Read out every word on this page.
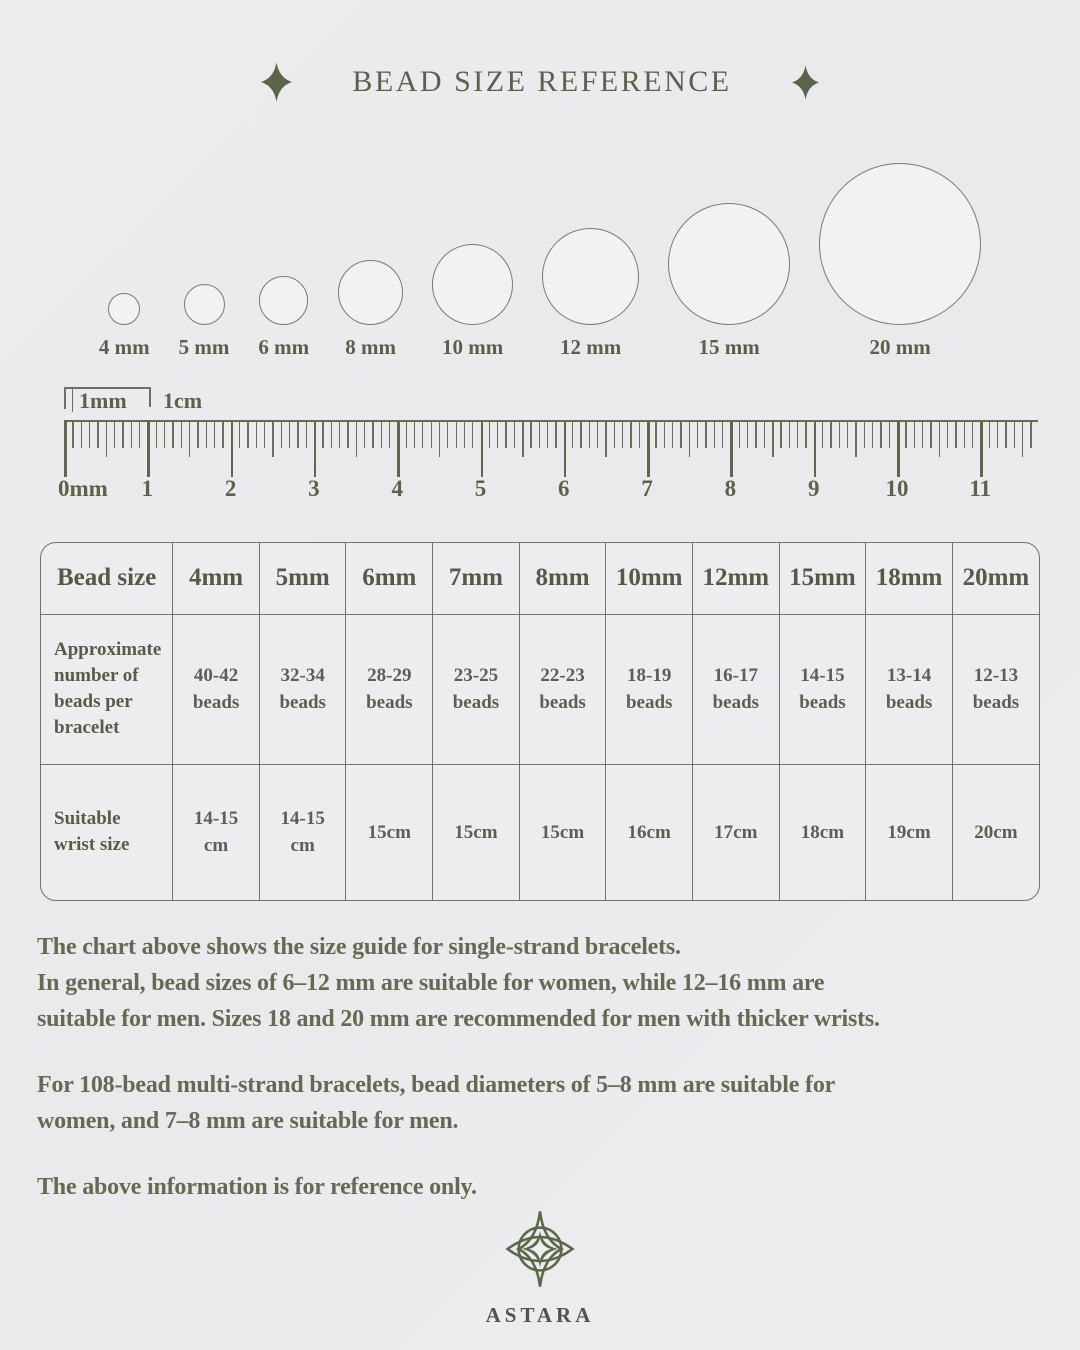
BEAD SIZE REFERENCE
4 mm 5 mm 6 mm 8 mm 10 mm	12 mm	15 mm	20 mm
1mm 1cm
0mm 1	2	3	4	5	6	7	8	9	10	11
Bead size	4mm	5mm	6mm	7mm	8mm	10mm	12mm	15mm	18mm	20mm
Approximate number of beads per bracelet	40-42 beads	32-34 beads	28-29 beads	23-25 beads	22-23 beads	18-19 beads	16-17 beads	14-15 beads	13-14 beads	12-13 beads
Suitable wrist size	14-15 cm	14-15 cm	15cm	15cm	15cm	16cm	17cm	18cm	19cm	20cm
The chart above shows the size guide for single-strand bracelets.
In general, bead sizes of 6–12 mm are suitable for women, while 12–16 mm are
suitable for men. Sizes 18 and 20 mm are recommended for men with thicker wrists.
For 108-bead multi-strand bracelets, bead diameters of 5–8 mm are suitable for
women, and 7–8 mm are suitable for men.
The above information is for reference only.
ASTARA
